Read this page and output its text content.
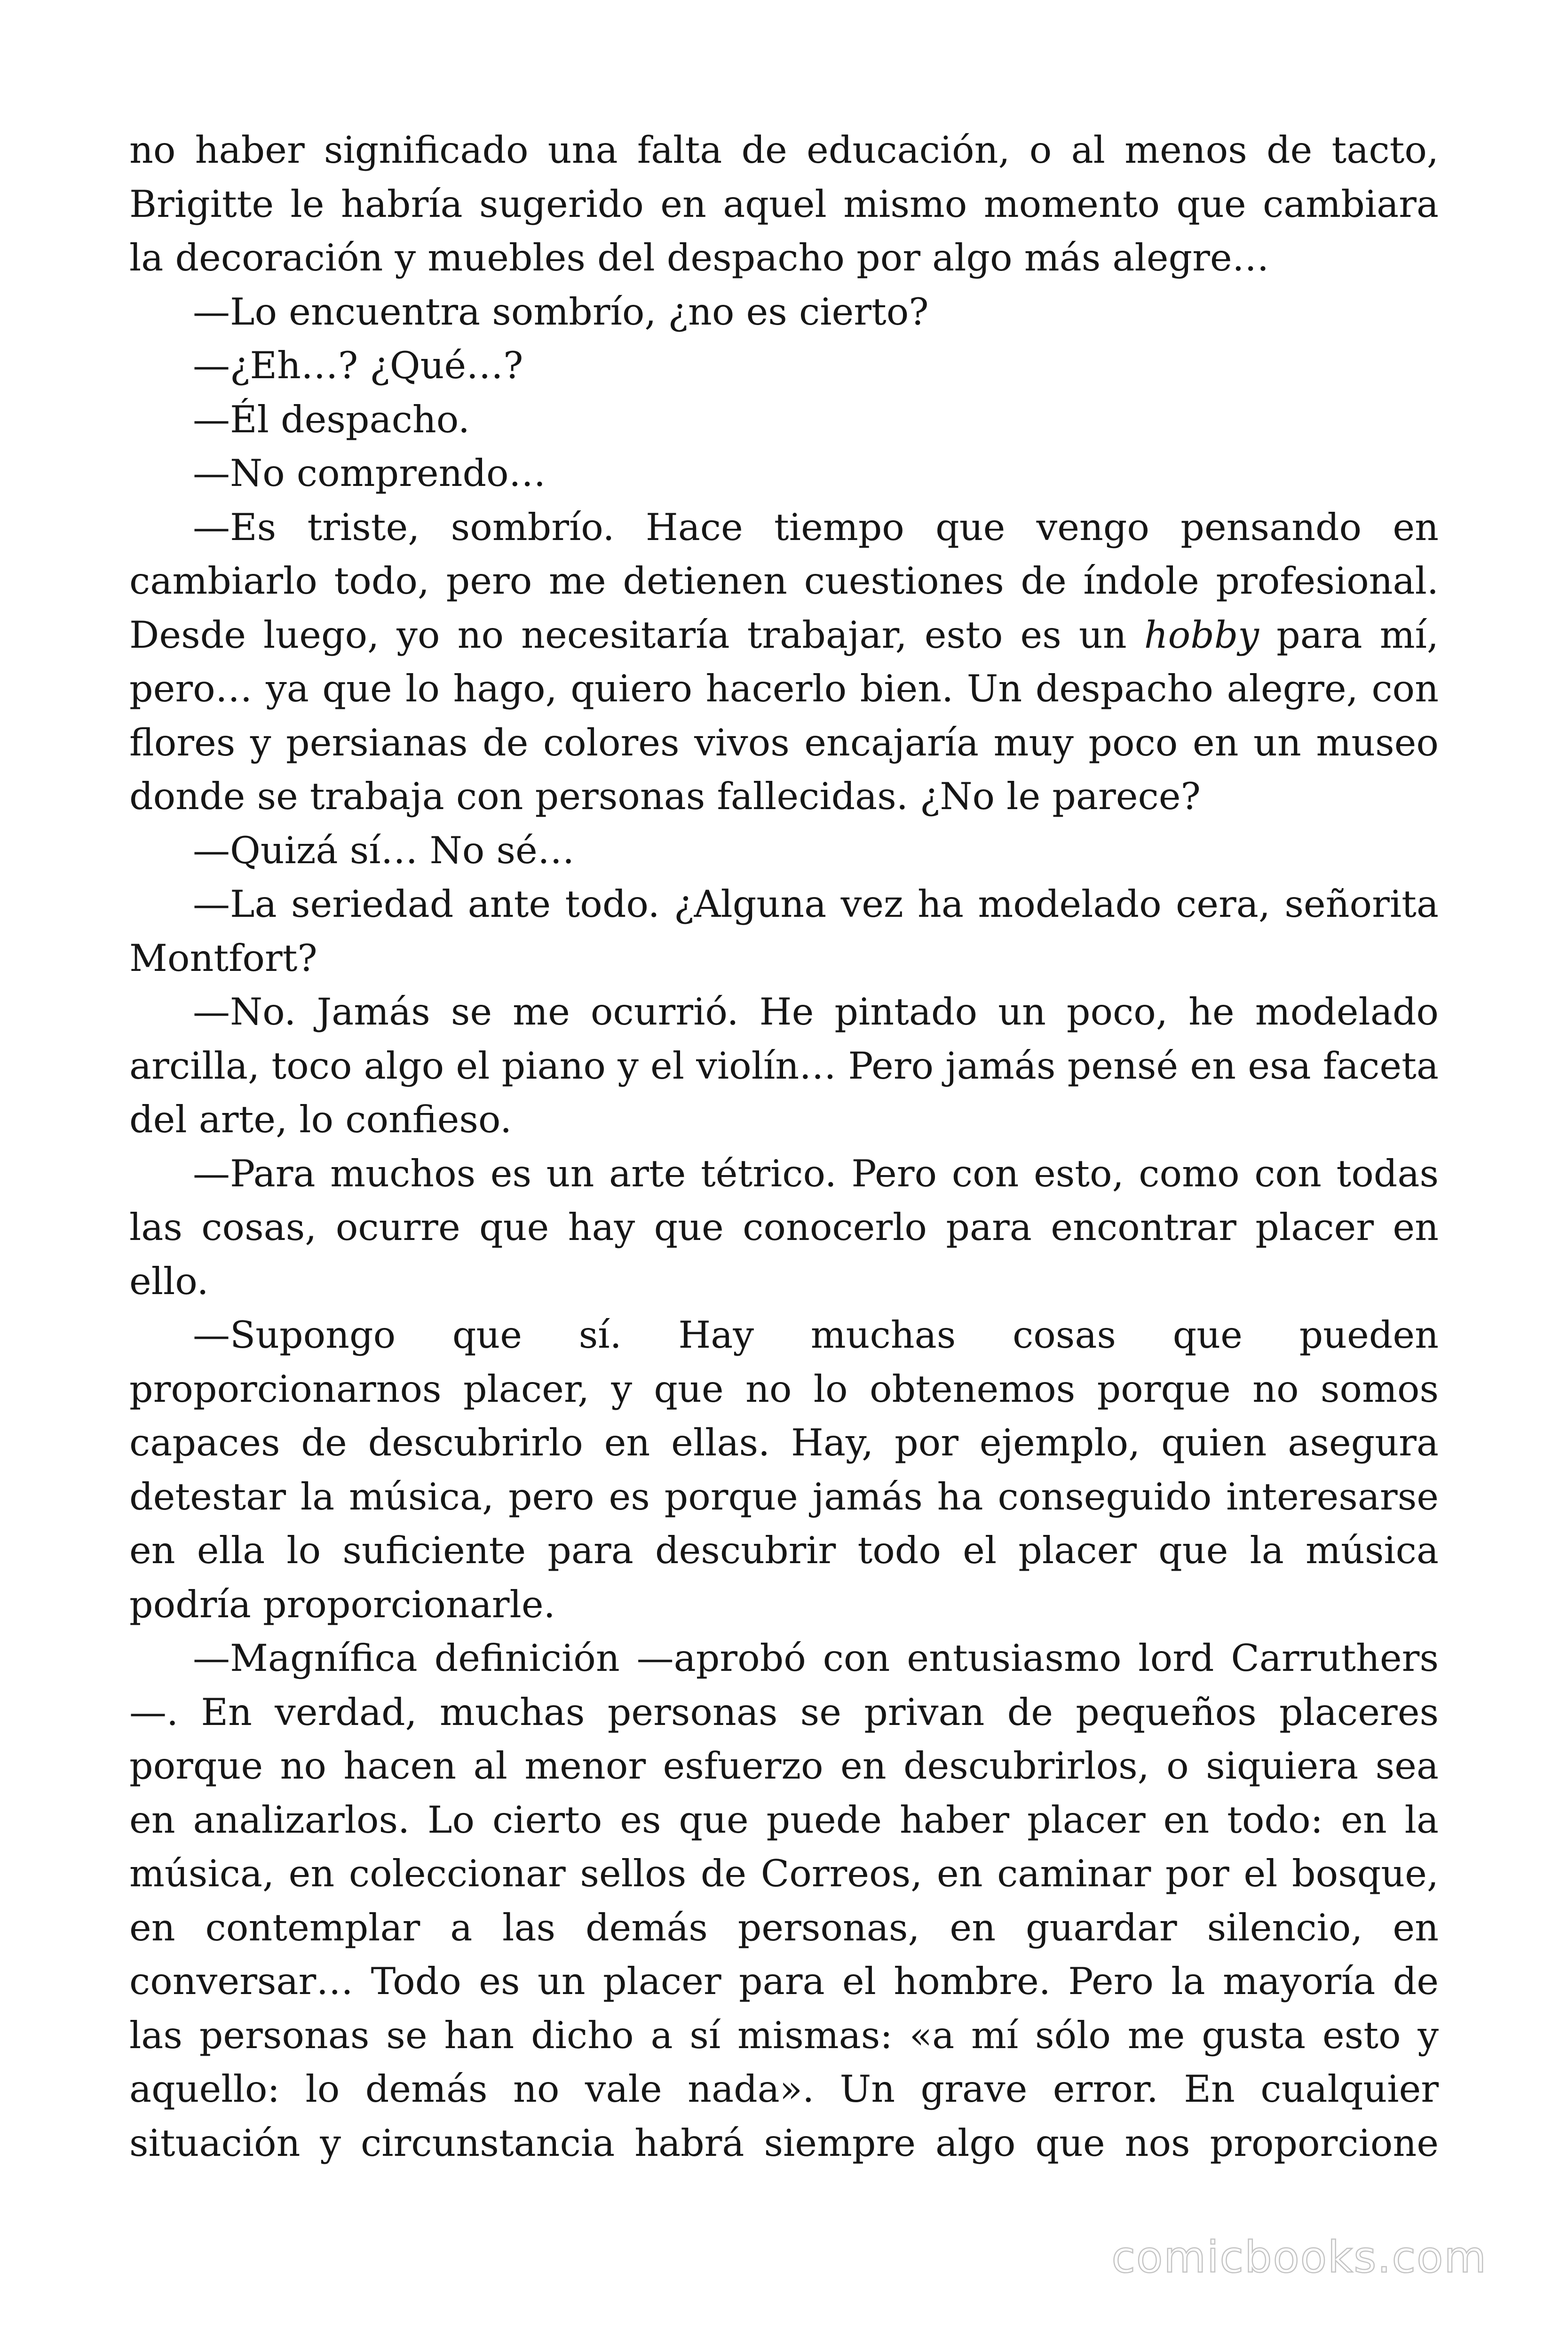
no haber significado una falta de educación, o al menos de tacto, Brigitte le habría sugerido en aquel mismo momento que cambiara la decoración y muebles del despacho por algo más alegre…

—Lo encuentra sombrío, ¿no es cierto?

—¿Eh…? ¿Qué…?

—Él despacho.

—No comprendo…

—Es triste, sombrío. Hace tiempo que vengo pensando en cambiarlo todo, pero me detienen cuestiones de índole profesional. Desde luego, yo no necesitaría trabajar, esto es un hobby para mí, pero… ya que lo hago, quiero hacerlo bien. Un despacho alegre, con flores y persianas de colores vivos encajaría muy poco en un museo donde se trabaja con personas fallecidas. ¿No le parece?

—Quizá sí… No sé…

—La seriedad ante todo. ¿Alguna vez ha modelado cera, señorita Montfort?

—No. Jamás se me ocurrió. He pintado un poco, he modelado arcilla, toco algo el piano y el violín… Pero jamás pensé en esa faceta del arte, lo confieso.

—Para muchos es un arte tétrico. Pero con esto, como con todas las cosas, ocurre que hay que conocerlo para encontrar placer en ello.

—Supongo que sí. Hay muchas cosas que pueden proporcionarnos placer, y que no lo obtenemos porque no somos capaces de descubrirlo en ellas. Hay, por ejemplo, quien asegura detestar la música, pero es porque jamás ha conseguido interesarse en ella lo suficiente para descubrir todo el placer que la música podría proporcionarle.

—Magnífica definición —aprobó con entusiasmo lord Carruthers —. En verdad, muchas personas se privan de pequeños placeres porque no hacen al menor esfuerzo en descubrirlos, o siquiera sea en analizarlos. Lo cierto es que puede haber placer en todo: en la música, en coleccionar sellos de Correos, en caminar por el bosque, en contemplar a las demás personas, en guardar silencio, en conversar… Todo es un placer para el hombre. Pero la mayoría de las personas se han dicho a sí mismas: «a mí sólo me gusta esto y aquello: lo demás no vale nada». Un grave error. En cualquier situación y circunstancia habrá siempre algo que nos proporcione

comicbooks.com
